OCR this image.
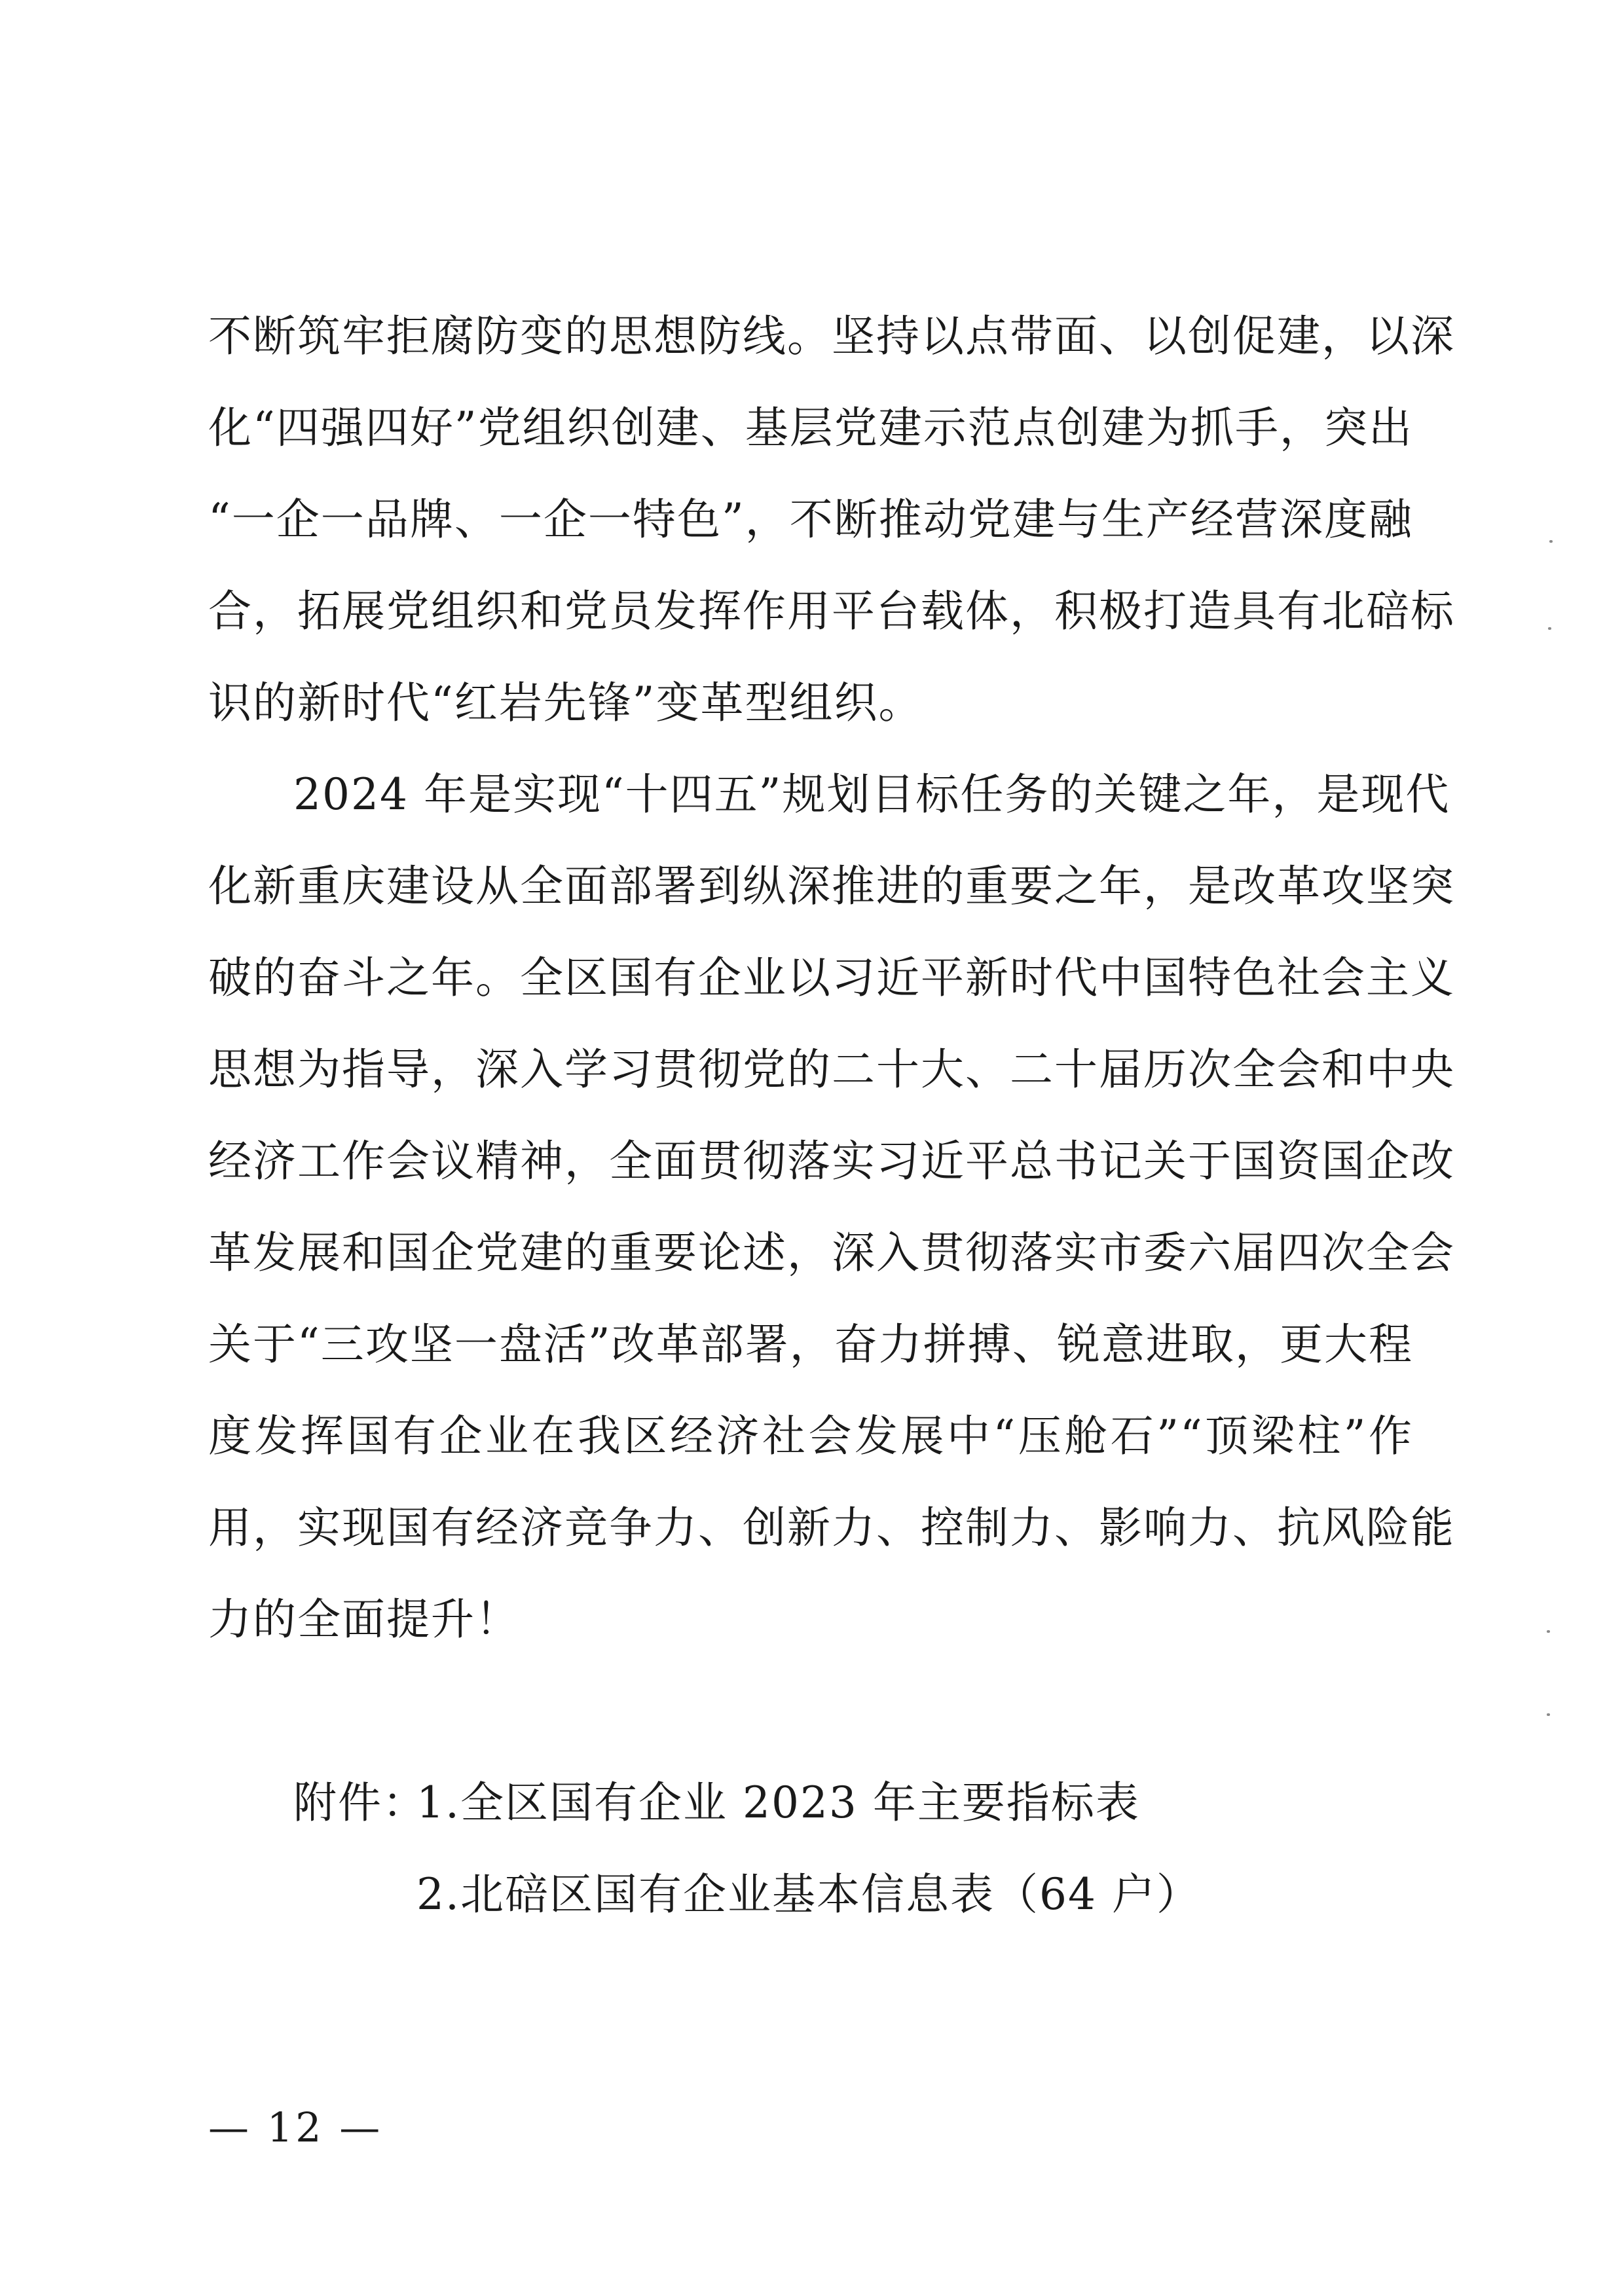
不断筑牢拒腐防变的思想防线。坚持以点带面、以创促建，以深
化“四强四好”党组织创建、基层党建示范点创建为抓手，突出
“一企一品牌、一企一特色”，不断推动党建与生产经营深度融
合，拓展党组织和党员发挥作用平台载体，积极打造具有北碚标
识的新时代“红岩先锋”变革型组织。
2024 年是实现“十四五”规划目标任务的关键之年，是现代
化新重庆建设从全面部署到纵深推进的重要之年，是改革攻坚突
破的奋斗之年。全区国有企业以习近平新时代中国特色社会主义
思想为指导，深入学习贯彻党的二十大、二十届历次全会和中央
经济工作会议精神，全面贯彻落实习近平总书记关于国资国企改
革发展和国企党建的重要论述，深入贯彻落实市委六届四次全会
关于“三攻坚一盘活”改革部署，奋力拼搏、锐意进取，更大程
度发挥国有企业在我区经济社会发展中“压舱石”“顶梁柱”作
用，实现国有经济竞争力、创新力、控制力、影响力、抗风险能
力的全面提升！
附件：
1.全区国有企业 2023 年主要指标表
2.北碚区国有企业基本信息表（64 户）
— 12 —
